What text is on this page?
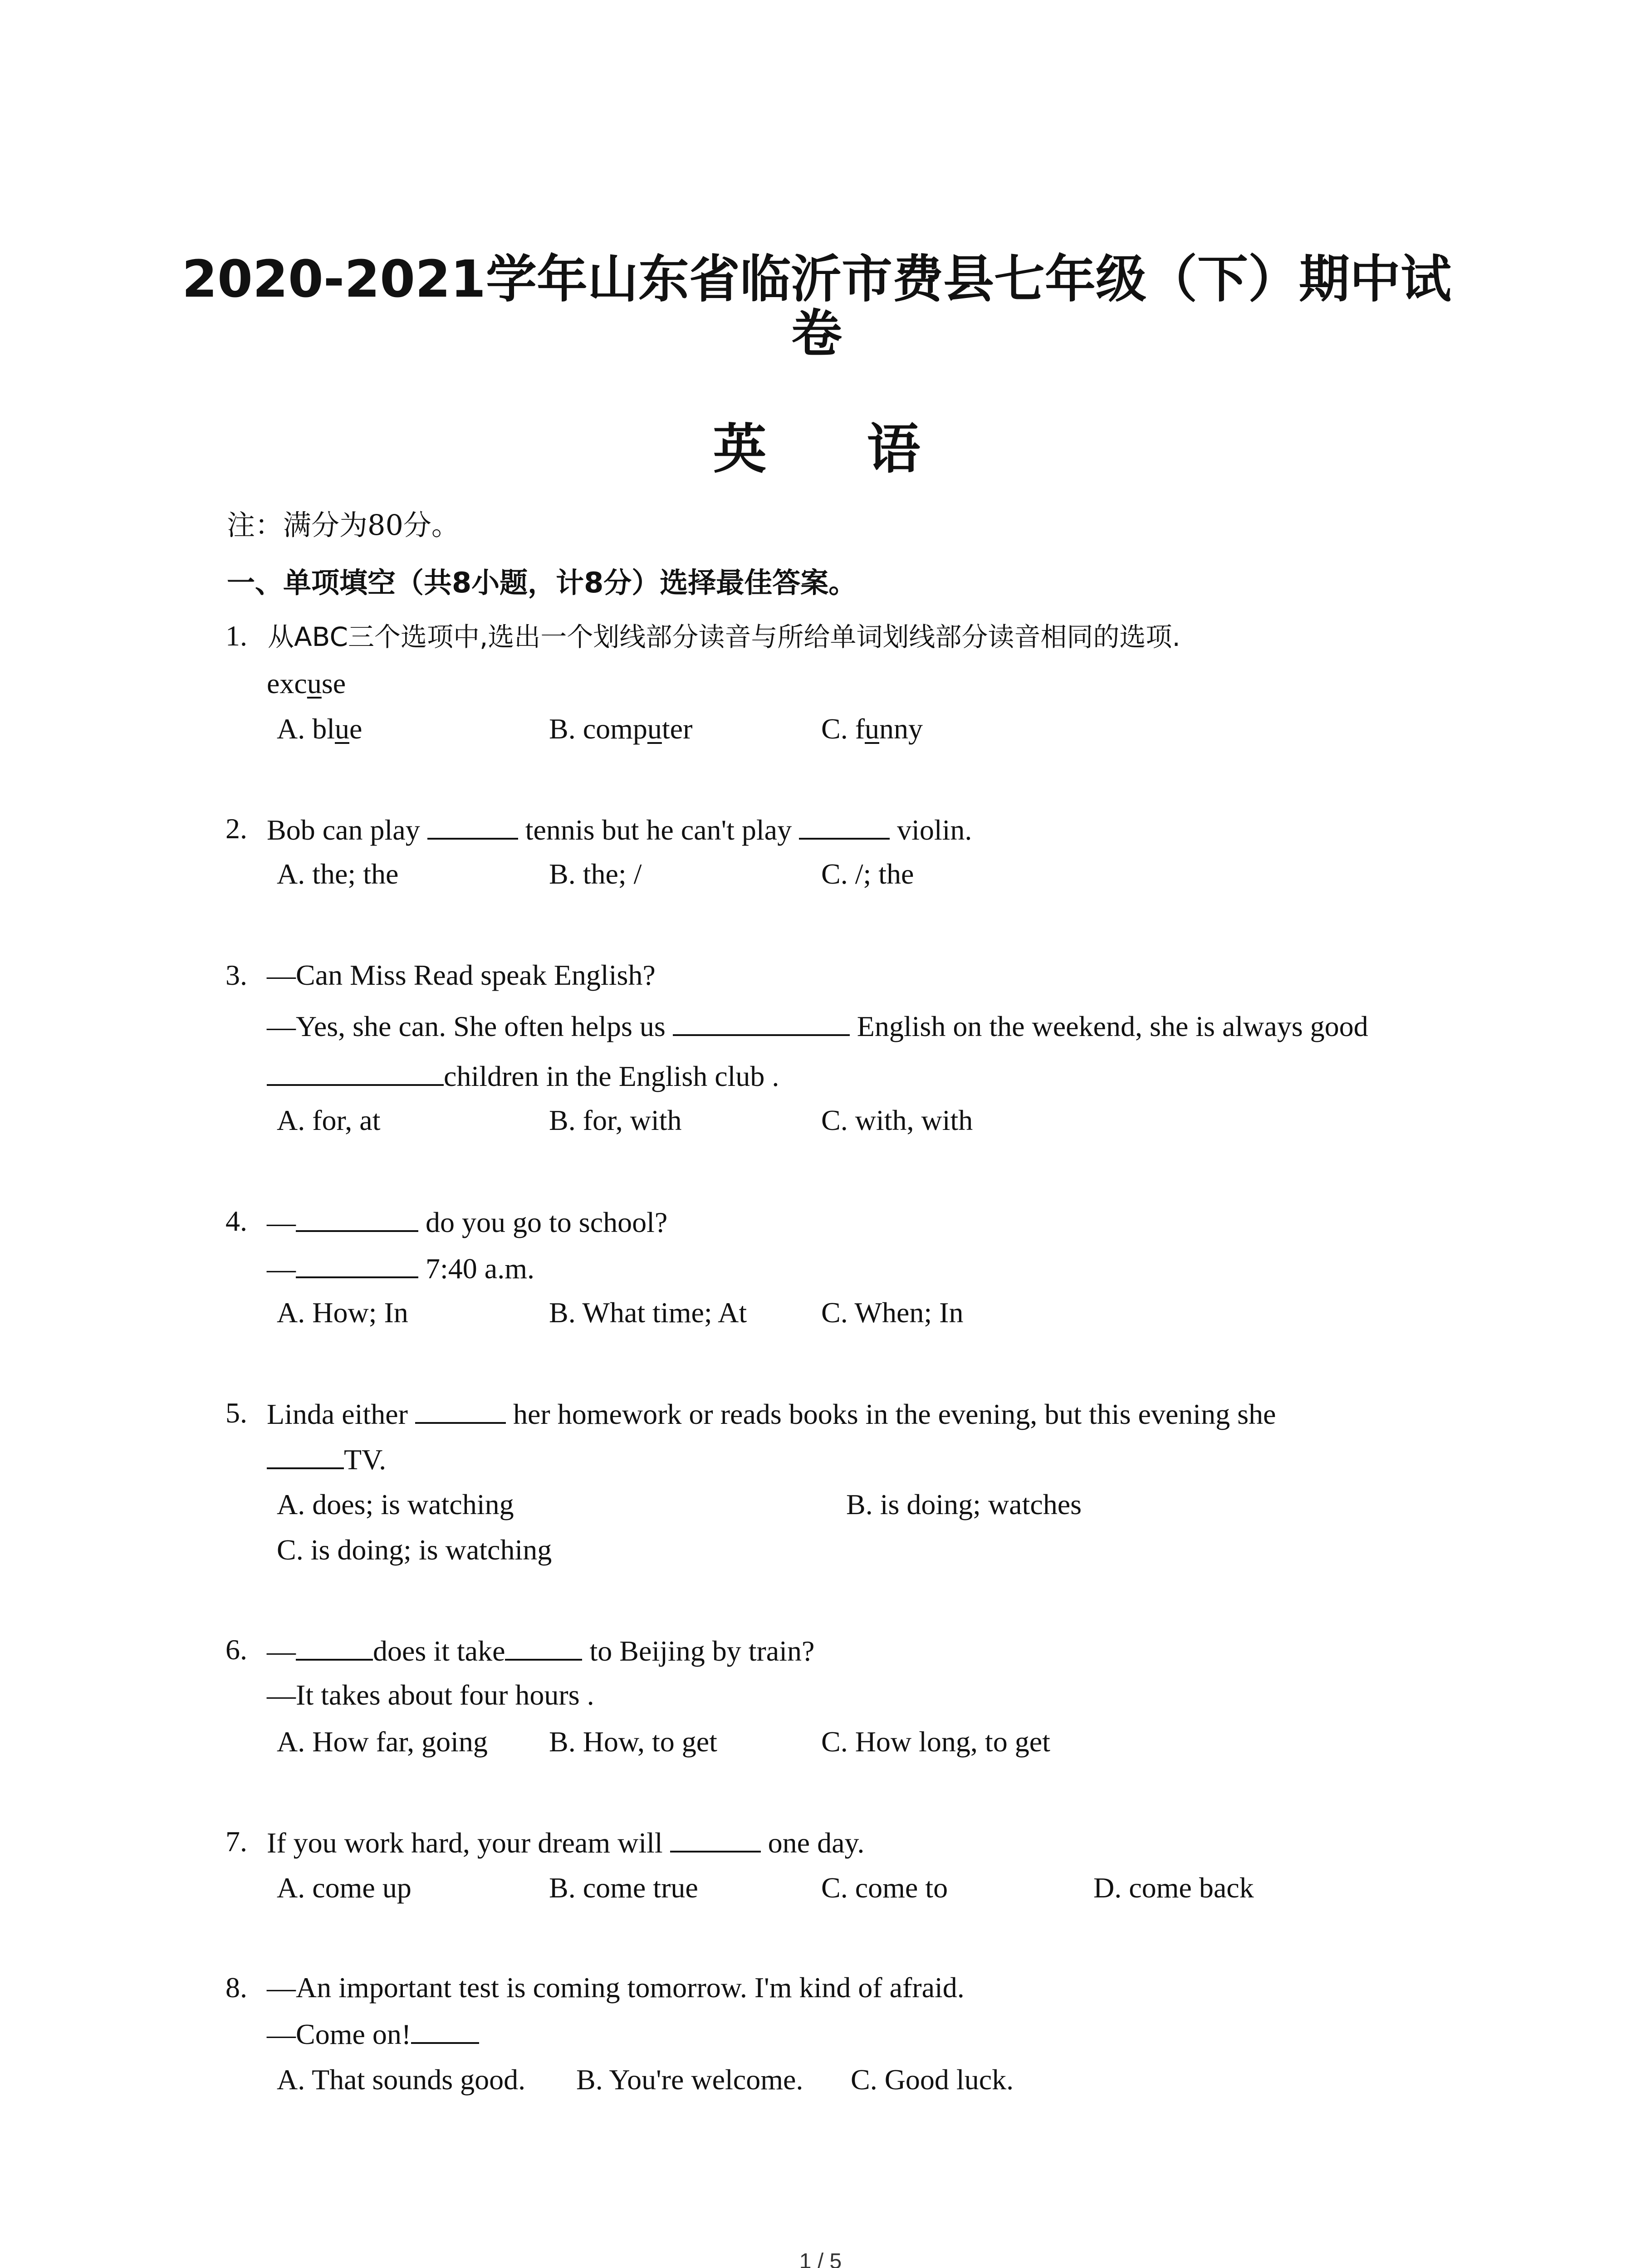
2020-2021学年山东省临沂市费县七年级（下）期中试
卷
英 语
注：满分为80分。
一、单项填空（共8小题，计8分）选择最佳答案。
1. 从ABC三个选项中,选出一个划线部分读音与所给单词划线部分读音相同的选项.
excuse
A. blue	B. computer	C. funny
2. Bob can play	tennis but he can't play	violin.
A. the; the	B. the; /	C. /; the
3. —Can Miss Read speak English?
—Yes, she can. She often helps us	English on the weekend, she is always good
children in the English club .
A. for, at	B. for, with	C. with, with
4. —	do you go to school?
—	7:40 a.m.
A. How; In	B. What time; At	C. When; In
5. Linda either	her homework or reads books in the evening, but this evening she
TV.
A. does; is watching	B. is doing; watches
C. is doing; is watching
6. —	does it take	to Beijing by train?
—It takes about four hours .
A. How far, going B. How, to get	C. How long, to get
7. If you work hard, your dream will	one day.
A. come up	B. come true	C. come to	D. come back
8. —An important test is coming tomorrow. I'm kind of afraid.
—Come on!
A. That sounds good. B. You're welcome. C. Good luck.
1 / 5
